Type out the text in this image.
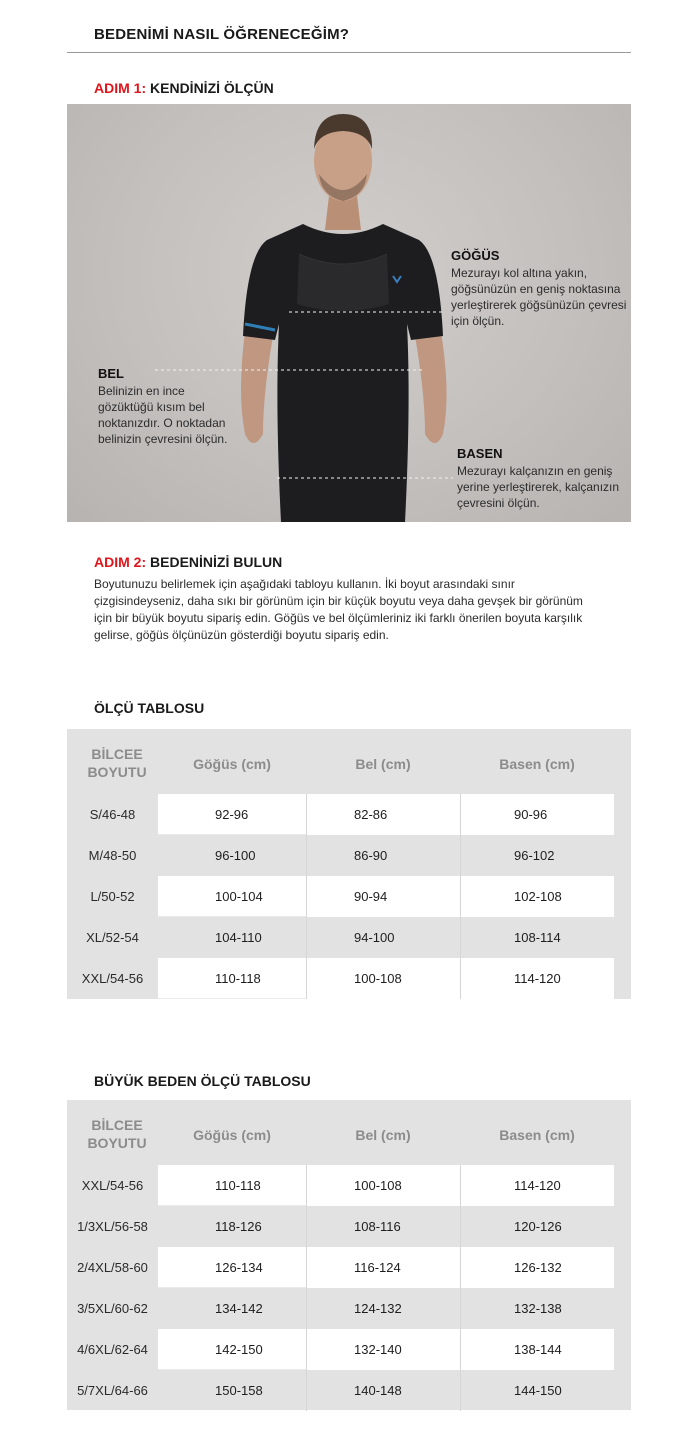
BEDENİMİ NASIL ÖĞRENECEĞİM?
ADIM 1: KENDİNİZİ ÖLÇÜN
GÖĞÜS
Mezurayı kol altına yakın, göğsünüzün en geniş noktasına yerleştirerek göğsünüzün çevresi için ölçün.
BEL
Belinizin en ince gözüktüğü kısım bel noktanızdır. O noktadan belinizin çevresini ölçün.
BASEN
Mezurayı kalçanızın en geniş yerine yerleştirerek, kalçanızın çevresini ölçün.
ADIM 2: BEDENİNİZİ BULUN
Boyutunuzu belirlemek için aşağıdaki tabloyu kullanın. İki boyut arasındaki sınır çizgisindeyseniz, daha sıkı bir görünüm için bir küçük boyutu veya daha gevşek bir görünüm için bir büyük boyutu sipariş edin. Göğüs ve bel ölçümleriniz iki farklı önerilen boyuta karşılık gelirse, göğüs ölçünüzün gösterdiği boyutu sipariş edin.
ÖLÇÜ TABLOSU
BİLCEE BOYUTU	Göğüs (cm)	Bel (cm)	Basen (cm)
S/46-48	92-96	82-86	90-96
M/48-50	96-100	86-90	96-102
L/50-52	100-104	90-94	102-108
XL/52-54	104-110	94-100	108-114
XXL/54-56	110-118	100-108	114-120
BÜYÜK BEDEN ÖLÇÜ TABLOSU
BİLCEE BOYUTU	Göğüs (cm)	Bel (cm)	Basen (cm)
XXL/54-56	110-118	100-108	114-120
1/3XL/56-58	118-126	108-116	120-126
2/4XL/58-60	126-134	116-124	126-132
3/5XL/60-62	134-142	124-132	132-138
4/6XL/62-64	142-150	132-140	138-144
5/7XL/64-66	150-158	140-148	144-150
